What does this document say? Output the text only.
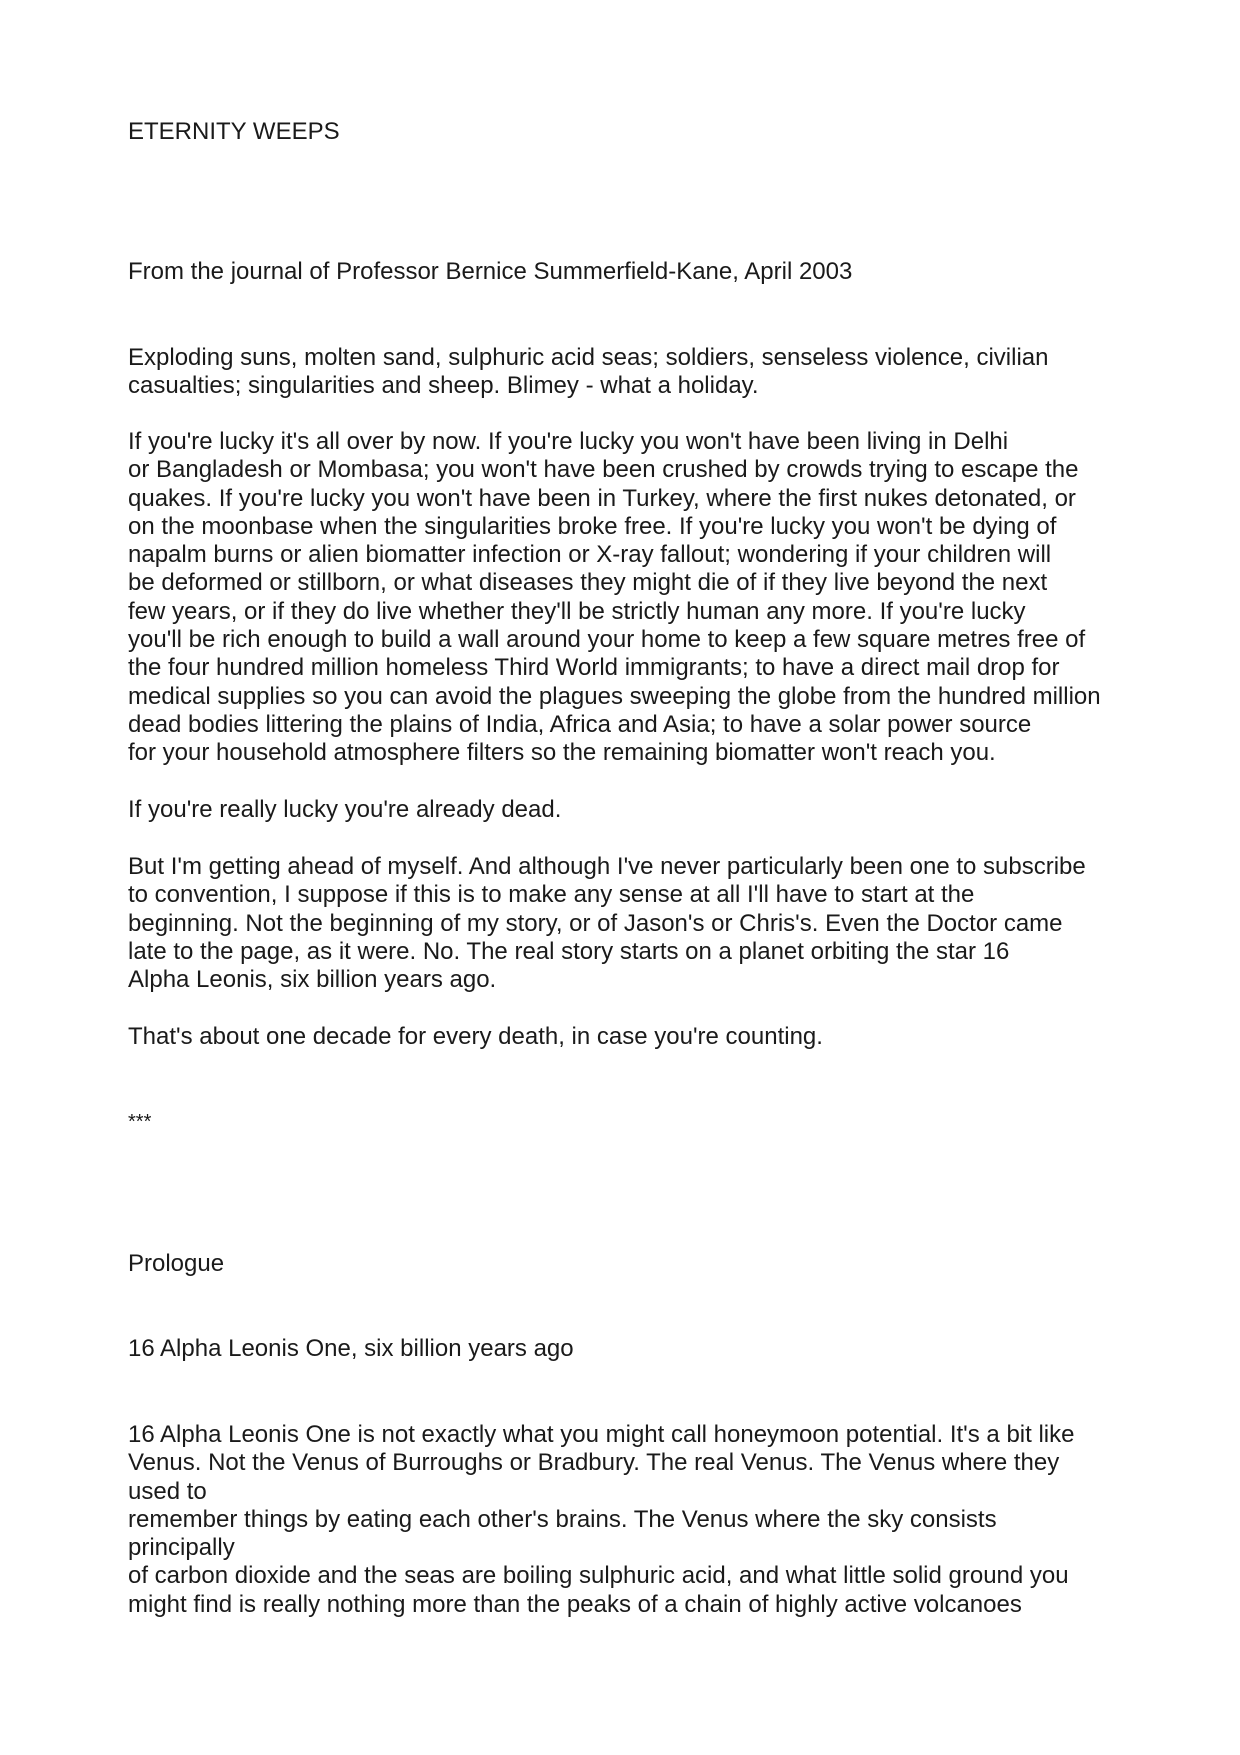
ETERNITY WEEPS

From the journal of Professor Bernice Summerfield-Kane, April 2003

Exploding suns, molten sand, sulphuric acid seas; soldiers, senseless violence, civilian
casualties; singularities and sheep. Blimey - what a holiday.

If you're lucky it's all over by now. If you're lucky you won't have been living in Delhi
or Bangladesh or Mombasa; you won't have been crushed by crowds trying to escape the
quakes. If you're lucky you won't have been in Turkey, where the first nukes detonated, or
on the moonbase when the singularities broke free. If you're lucky you won't be dying of
napalm burns or alien biomatter infection or X-ray fallout; wondering if your children will
be deformed or stillborn, or what diseases they might die of if they live beyond the next
few years, or if they do live whether they'll be strictly human any more. If you're lucky
you'll be rich enough to build a wall around your home to keep a few square metres free of
the four hundred million homeless Third World immigrants; to have a direct mail drop for
medical supplies so you can avoid the plagues sweeping the globe from the hundred million
dead bodies littering the plains of India, Africa and Asia; to have a solar power source
for your household atmosphere filters so the remaining biomatter won't reach you.

If you're really lucky you're already dead.

But I'm getting ahead of myself. And although I've never particularly been one to subscribe
to convention, I suppose if this is to make any sense at all I'll have to start at the
beginning. Not the beginning of my story, or of Jason's or Chris's. Even the Doctor came
late to the page, as it were. No. The real story starts on a planet orbiting the star 16
Alpha Leonis, six billion years ago.

That's about one decade for every death, in case you're counting.

***

Prologue

16 Alpha Leonis One, six billion years ago

16 Alpha Leonis One is not exactly what you might call honeymoon potential. It's a bit like
Venus. Not the Venus of Burroughs or Bradbury. The real Venus. The Venus where they
used to
remember things by eating each other's brains. The Venus where the sky consists
principally
of carbon dioxide and the seas are boiling sulphuric acid, and what little solid ground you
might find is really nothing more than the peaks of a chain of highly active volcanoes
